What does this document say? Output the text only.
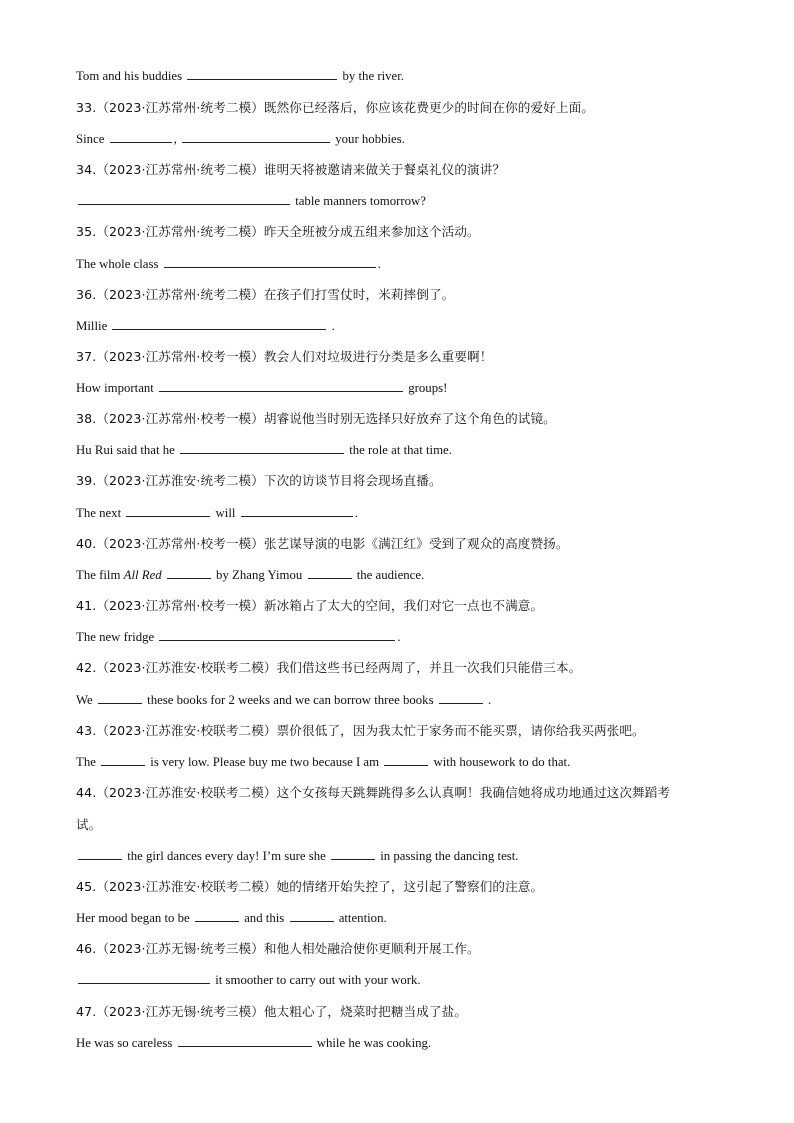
Tom and his buddies	by the river.
33.（2023·江苏常州·统考二模）既然你已经落后，你应该花费更少的时间在你的爱好上面。
Since	,	your hobbies.
34.（2023·江苏常州·统考二模）谁明天将被邀请来做关于餐桌礼仪的演讲？
table manners tomorrow?
35.（2023·江苏常州·统考二模）昨天全班被分成五组来参加这个活动。
The whole class	.
36.（2023·江苏常州·统考二模）在孩子们打雪仗时，米莉摔倒了。
Millie	.
37.（2023·江苏常州·校考一模）教会人们对垃圾进行分类是多么重要啊！
How important	groups!
38.（2023·江苏常州·校考一模）胡睿说他当时别无选择只好放弃了这个角色的试镜。
Hu Rui said that he	the role at that time.
39.（2023·江苏淮安·统考二模）下次的访谈节目将会现场直播。
The next	will	.
40.（2023·江苏常州·校考一模）张艺谋导演的电影《满江红》受到了观众的高度赞扬。
The film All Red	by Zhang Yimou	the audience.
41.（2023·江苏常州·校考一模）新冰箱占了太大的空间，我们对它一点也不满意。
The new fridge	.
42.（2023·江苏淮安·校联考二模）我们借这些书已经两周了，并且一次我们只能借三本。
We	these books for 2 weeks and we can borrow three books	.
43.（2023·江苏淮安·校联考二模）票价很低了，因为我太忙于家务而不能买票，请你给我买两张吧。
The	is very low. Please buy me two because I am	with housework to do that.
44.（2023·江苏淮安·校联考二模）这个女孩每天跳舞跳得多么认真啊！我确信她将成功地通过这次舞蹈考
试。
the girl dances every day! I’m sure she	in passing the dancing test.
45.（2023·江苏淮安·校联考二模）她的情绪开始失控了，这引起了警察们的注意。
Her mood began to be	and this	attention.
46.（2023·江苏无锡·统考三模）和他人相处融洽使你更顺利开展工作。
it smoother to carry out with your work.
47.（2023·江苏无锡·统考三模）他太粗心了，烧菜时把糖当成了盐。
He was so careless	while he was cooking.
